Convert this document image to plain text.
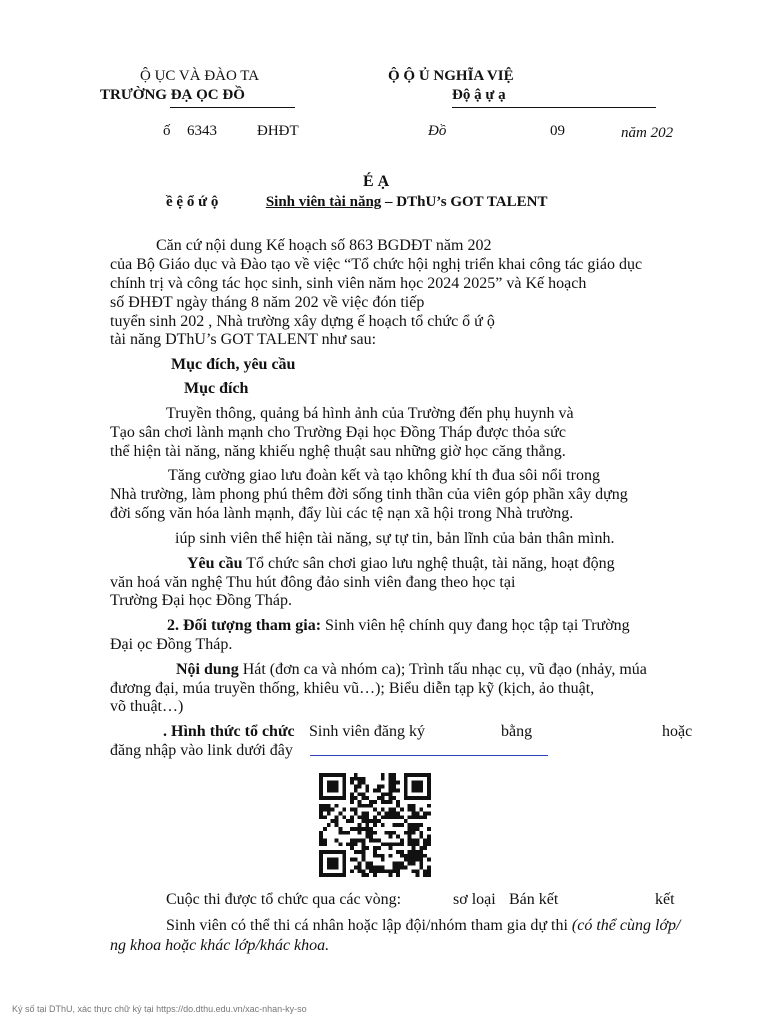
Ộ ỤC VÀ ĐÀO TA
TRƯỜNG ĐẠ ỌC ĐỒ
Ộ Ộ Ủ NGHĨA VIỆ
Độ ậ ự ạ
ố 6343	ĐHĐT	Đồ	09	năm 202
É Ạ
ề ệ ổ ứ ộ	Sinh viên tài năng – DThU’s GOT TALENT
Căn cứ nội dung Kế hoạch số 863 BGDĐT năm 202
của Bộ Giáo dục và Đào tạo về việc “Tổ chức hội nghị triển khai công tác giáo dục
chính trị và công tác học sinh, sinh viên năm học 2024 2025” và Kế hoạch
số ĐHĐT ngày tháng 8 năm 202 về việc đón tiếp
tuyển sinh 202 , Nhà trường xây dựng ế hoạch tổ chức ổ ứ ộ
tài năng DThU’s GOT TALENT như sau:
Mục đích, yêu cầu
Mục đích
Truyền thông, quảng bá hình ảnh của Trường đến phụ huynh và
Tạo sân chơi lành mạnh cho Trường Đại học Đồng Tháp được thỏa sức
thể hiện tài năng, năng khiếu nghệ thuật sau những giờ học căng thẳng.
Tăng cường giao lưu đoàn kết và tạo không khí th đua sôi nổi trong
Nhà trường, làm phong phú thêm đời sống tinh thần của viên góp phần xây dựng
đời sống văn hóa lành mạnh, đẩy lùi các tệ nạn xã hội trong Nhà trường.
iúp sinh viên thể hiện tài năng, sự tự tin, bản lĩnh của bản thân mình.
Yêu cầu Tổ chức sân chơi giao lưu nghệ thuật, tài năng, hoạt động
văn hoá văn nghệ Thu hút đông đảo sinh viên đang theo học tại
Trường Đại học Đồng Tháp.
2. Đối tượng tham gia: Sinh viên hệ chính quy đang học tập tại Trường
Đại ọc Đồng Tháp.
Nội dung Hát (đơn ca và nhóm ca); Trình tấu nhạc cụ, vũ đạo (nhảy, múa
đương đại, múa truyền thống, khiêu vũ…); Biểu diễn tạp kỹ (kịch, ảo thuật,
võ thuật…)
. Hình thức tổ chức Sinh viên đăng ký	bằng	hoặc
đăng nhập vào link dưới đây
Cuộc thi được tổ chức qua các vòng:	sơ loại Bán kết	kết
Sinh viên có thể thi cá nhân hoặc lập đội/nhóm tham gia dự thi (có thể cùng lớp/
ng khoa hoặc khác lớp/khác khoa.
Ký số tại DThU, xác thực chữ ký tại https://do.dthu.edu.vn/xac-nhan-ky-so
